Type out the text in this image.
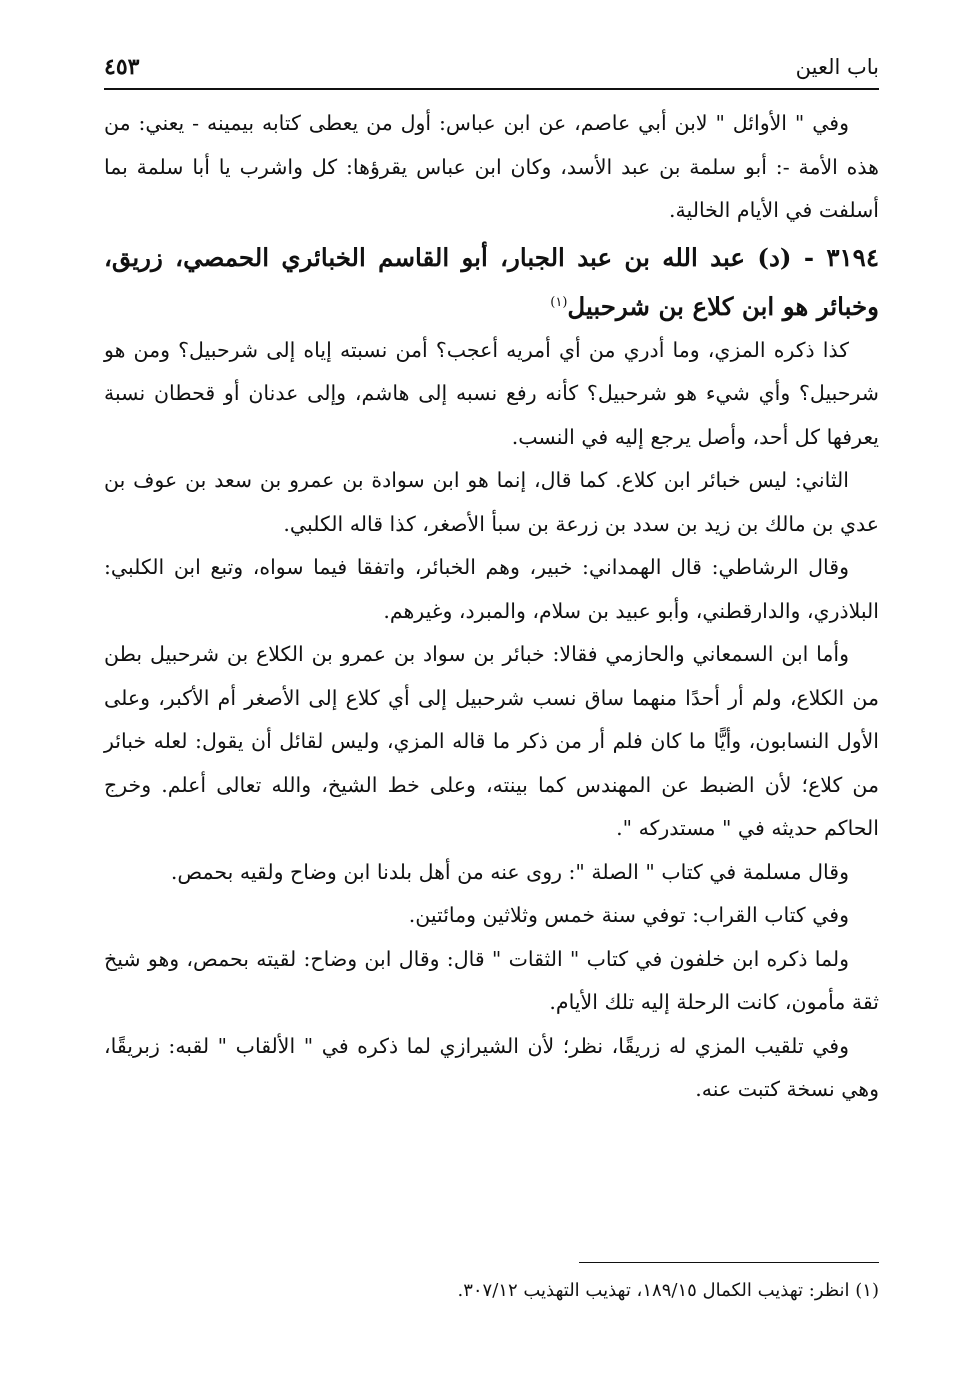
باب العين
٤٥٣

وفي " الأوائل " لابن أبي عاصم، عن ابن عباس: أول من يعطى كتابه بيمينه - يعني: من هذه الأمة -: أبو سلمة بن عبد الأسد، وكان ابن عباس يقرؤها: كل واشرب يا أبا سلمة بما أسلفت في الأيام الخالية.

٣١٩٤ - (د) عبد الله بن عبد الجبار، أبو القاسم الخبائري الحمصي، زريق، وخبائر هو ابن كلاع بن شرحبيل$^{(١)}$

كذا ذكره المزي، وما أدري من أي أمريه أعجب؟ أمن نسبته إياه إلى شرحبيل؟ ومن هو شرحبيل؟ وأي شيء هو شرحبيل؟ كأنه رفع نسبه إلى هاشم، وإلى عدنان أو قحطان نسبة يعرفها كل أحد، وأصل يرجع إليه في النسب.

الثاني: ليس خبائر ابن كلاع. كما قال، إنما هو ابن سوادة بن عمرو بن سعد بن عوف بن عدي بن مالك بن زيد بن سدد بن زرعة بن سبأ الأصغر، كذا قاله الكلبي.

وقال الرشاطي: قال الهمداني: خبير، وهم الخبائر، واتفقا فيما سواه، وتبع ابن الكلبي: البلاذري، والدارقطني، وأبو عبيد بن سلام، والمبرد، وغيرهم.

وأما ابن السمعاني والحازمي فقالا: خبائر بن سواد بن عمرو بن الكلاع بن شرحبيل بطن من الكلاع، ولم أر أحدًا منهما ساق نسب شرحبيل إلى أي كلاع إلى الأصغر أم الأكبر، وعلى الأول النسابون، وأيًّا ما كان فلم أر من ذكر ما قاله المزي، وليس لقائل أن يقول: لعله خبائر من كلاع؛ لأن الضبط عن المهندس كما بينته، وعلى خط الشيخ، والله تعالى أعلم. وخرج الحاكم حديثه في " مستدركه ".

وقال مسلمة في كتاب " الصلة ": روى عنه من أهل بلدنا ابن وضاح ولقيه بحمص.

وفي كتاب القراب: توفي سنة خمس وثلاثين ومائتين.

ولما ذكره ابن خلفون في كتاب " الثقات " قال: وقال ابن وضاح: لقيته بحمص، وهو شيخ ثقة مأمون، كانت الرحلة إليه تلك الأيام.

وفي تلقيب المزي له زريقًا، نظر؛ لأن الشيرازي لما ذكره في " الألقاب " لقبه: زبريقًا، وهي نسخة كتبت عنه.

(١) انظر: تهذيب الكمال ١٨٩/١٥، تهذيب التهذيب ٣٠٧/١٢.
